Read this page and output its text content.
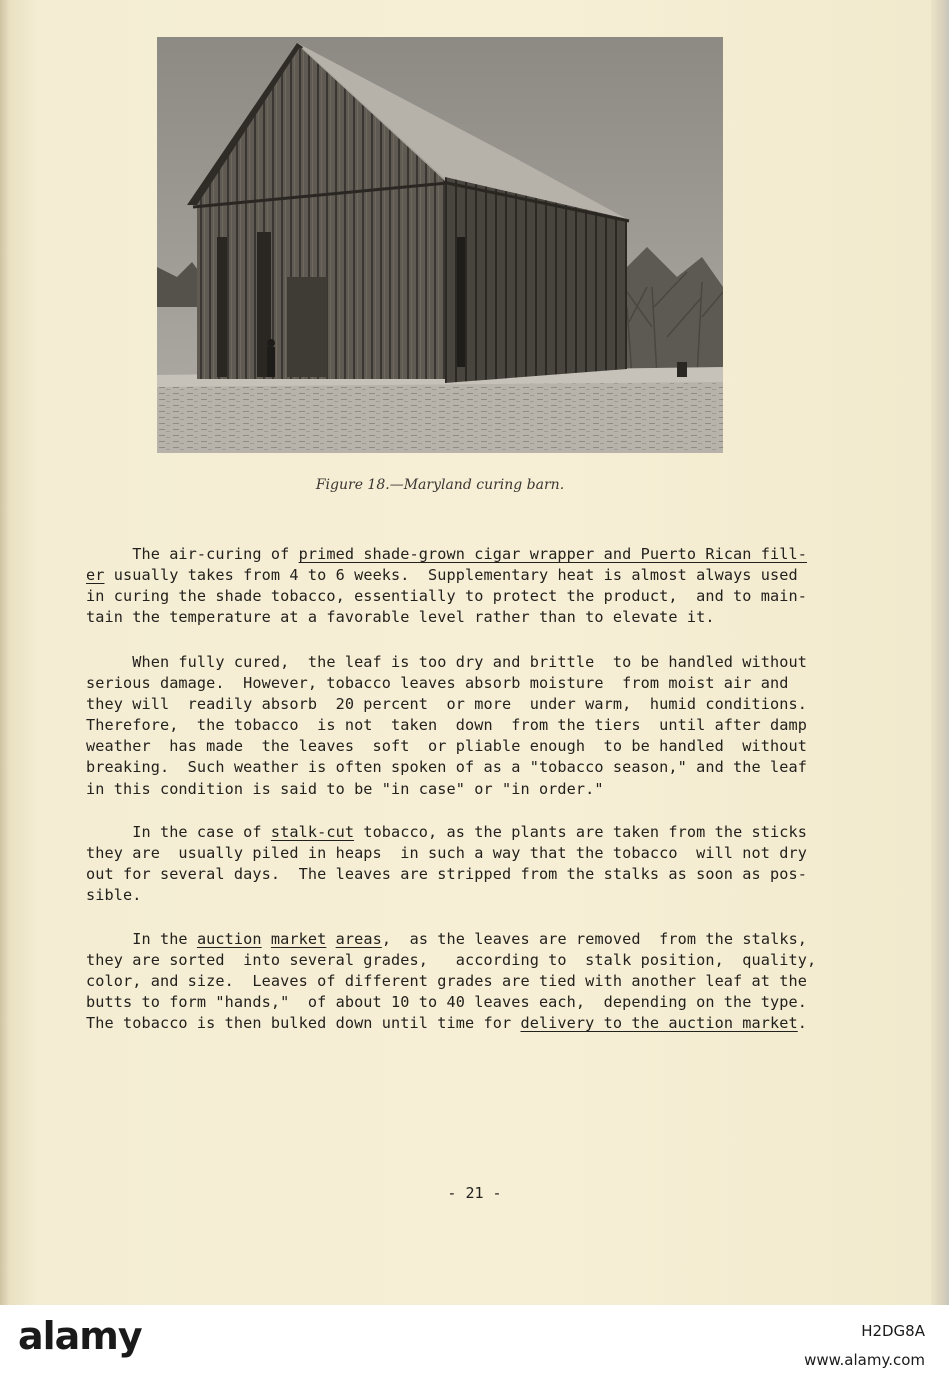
Figure 18.—Maryland curing barn.
The air-curing of primed shade-grown cigar wrapper and Puerto Rican fill-
er usually takes from 4 to 6 weeks.  Supplementary heat is almost always used
in curing the shade tobacco, essentially to protect the product,  and to main-
tain the temperature at a favorable level rather than to elevate it.
When fully cured,  the leaf is too dry and brittle  to be handled without
serious damage.  However, tobacco leaves absorb moisture  from moist air and
they will  readily absorb  20 percent  or more  under warm,  humid conditions.
Therefore,  the tobacco  is not  taken  down  from the tiers  until after damp
weather  has made  the leaves  soft  or pliable enough  to be handled  without
breaking.  Such weather is often spoken of as a "tobacco season," and the leaf
in this condition is said to be "in case" or "in order."
In the case of stalk-cut tobacco, as the plants are taken from the sticks
they are  usually piled in heaps  in such a way that the tobacco  will not dry
out for several days.  The leaves are stripped from the stalks as soon as pos-
sible.
In the auction market areas,  as the leaves are removed  from the stalks,
they are sorted  into several grades,   according to  stalk position,  quality,
color, and size.  Leaves of different grades are tied with another leaf at the
butts to form "hands,"  of about 10 to 40 leaves each,  depending on the type.
The tobacco is then bulked down until time for delivery to the auction market.
- 21 -
alamy	H2DG8A
www.alamy.com
